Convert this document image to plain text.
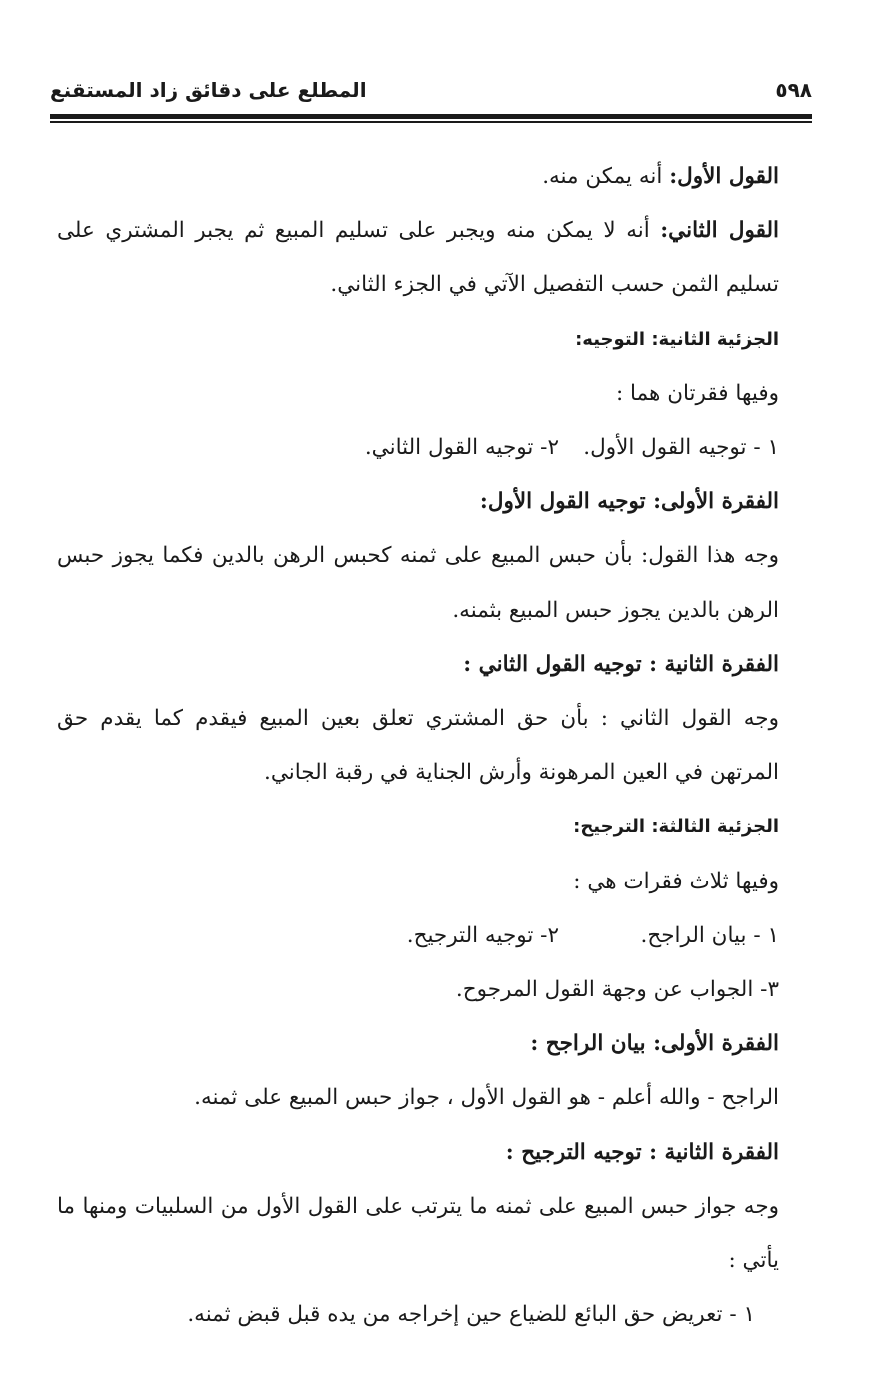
٥٩٨
المطلع على دقائق زاد المستقنع

القول الأول: أنه يمكن منه.

القول الثاني: أنه لا يمكن منه ويجبر على تسليم المبيع ثم يجبر المشتري على تسليم الثمن حسب التفصيل الآتي في الجزء الثاني.

الجزئية الثانية: التوجيه:

وفيها فقرتان هما :

١ - توجيه القول الأول.
٢- توجيه القول الثاني.

الفقرة الأولى: توجيه القول الأول:

وجه هذا القول: بأن حبس المبيع على ثمنه كحبس الرهن بالدين فكما يجوز حبس الرهن بالدين يجوز حبس المبيع بثمنه.

الفقرة الثانية : توجيه القول الثاني :

وجه القول الثاني : بأن حق المشتري تعلق بعين المبيع فيقدم كما يقدم حق المرتهن في العين المرهونة وأرش الجناية في رقبة الجاني.

الجزئية الثالثة: الترجيح:

وفيها ثلاث فقرات هي :

١ - بيان الراجح.
٢- توجيه الترجيح.

٣- الجواب عن وجهة القول المرجوح.

الفقرة الأولى: بيان الراجح :

الراجح - والله أعلم - هو القول الأول ، جواز حبس المبيع على ثمنه.

الفقرة الثانية : توجيه الترجيح :

وجه جواز حبس المبيع على ثمنه ما يترتب على القول الأول من السلبيات ومنها ما يأتي :

١ - تعريض حق البائع للضياع حين إخراجه من يده قبل قبض ثمنه.
